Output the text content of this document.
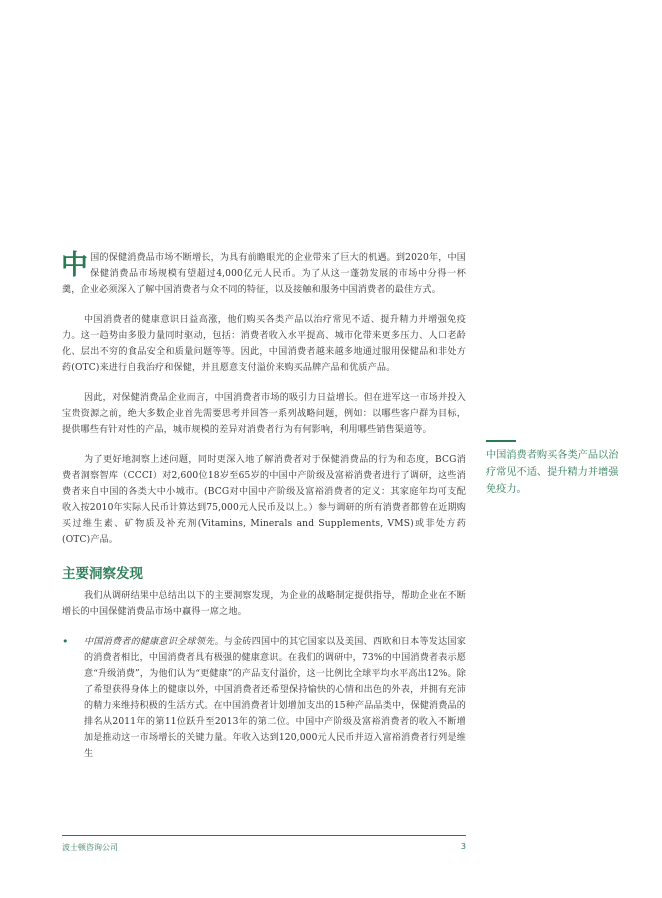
中 国的保健消费品市场不断增长，为具有前瞻眼光的企业带来了巨大的机遇。到2020年，中国保健消费品市场规模有望超过4,000亿元人民币。为了从这一蓬勃发展的市场中分得一杯羹，企业必须深入了解中国消费者与众不同的特征，以及接触和服务中国消费者的最佳方式。

中国消费者的健康意识日益高涨，他们购买各类产品以治疗常见不适、提升精力并增强免疫力。这一趋势由多股力量同时驱动，包括：消费者收入水平提高、城市化带来更多压力、人口老龄化、层出不穷的食品安全和质量问题等等。因此，中国消费者越来越多地通过服用保健品和非处方药(OTC)来进行自我治疗和保健，并且愿意支付溢价来购买品牌产品和优质产品。

因此，对保健消费品企业而言，中国消费者市场的吸引力日益增长。但在进军这一市场并投入宝贵资源之前，绝大多数企业首先需要思考并回答一系列战略问题，例如：以哪些客户群为目标，提供哪些有针对性的产品，城市规模的差异对消费者行为有何影响，利用哪些销售渠道等。

为了更好地洞察上述问题，同时更深入地了解消费者对于保健消费品的行为和态度，BCG消费者洞察智库（CCCI）对2,600位18岁至65岁的中国中产阶级及富裕消费者进行了调研，这些消费者来自中国的各类大中小城市。(BCG对中国中产阶级及富裕消费者的定义：其家庭年均可支配收入按2010年实际人民币计算达到75,000元人民币及以上。）参与调研的所有消费者都曾在近期购买过维生素、矿物质及补充剂(Vitamins, Minerals and Supplements, VMS)或非处方药(OTC)产品。

主要洞察发现

我们从调研结果中总结出以下的主要洞察发现，为企业的战略制定提供指导，帮助企业在不断增长的中国保健消费品市场中赢得一席之地。

• 中国消费者的健康意识全球领先。与金砖四国中的其它国家以及美国、西欧和日本等发达国家的消费者相比，中国消费者具有极强的健康意识。在我们的调研中，73%的中国消费者表示愿意“升级消费”，为他们认为“更健康”的产品支付溢价，这一比例比全球平均水平高出12%。除了希望获得身体上的健康以外，中国消费者还希望保持愉快的心情和出色的外表，并拥有充沛的精力来维持积极的生活方式。在中国消费者计划增加支出的15种产品品类中，保健消费品的排名从2011年的第11位跃升至2013年的第二位。中国中产阶级及富裕消费者的收入不断增加是推动这一市场增长的关键力量。年收入达到120,000元人民币并迈入富裕消费者行列是维生
中国消费者购买各类产品以治疗常见不适、提升精力并增强免疫力。
波士顿咨询公司	3
